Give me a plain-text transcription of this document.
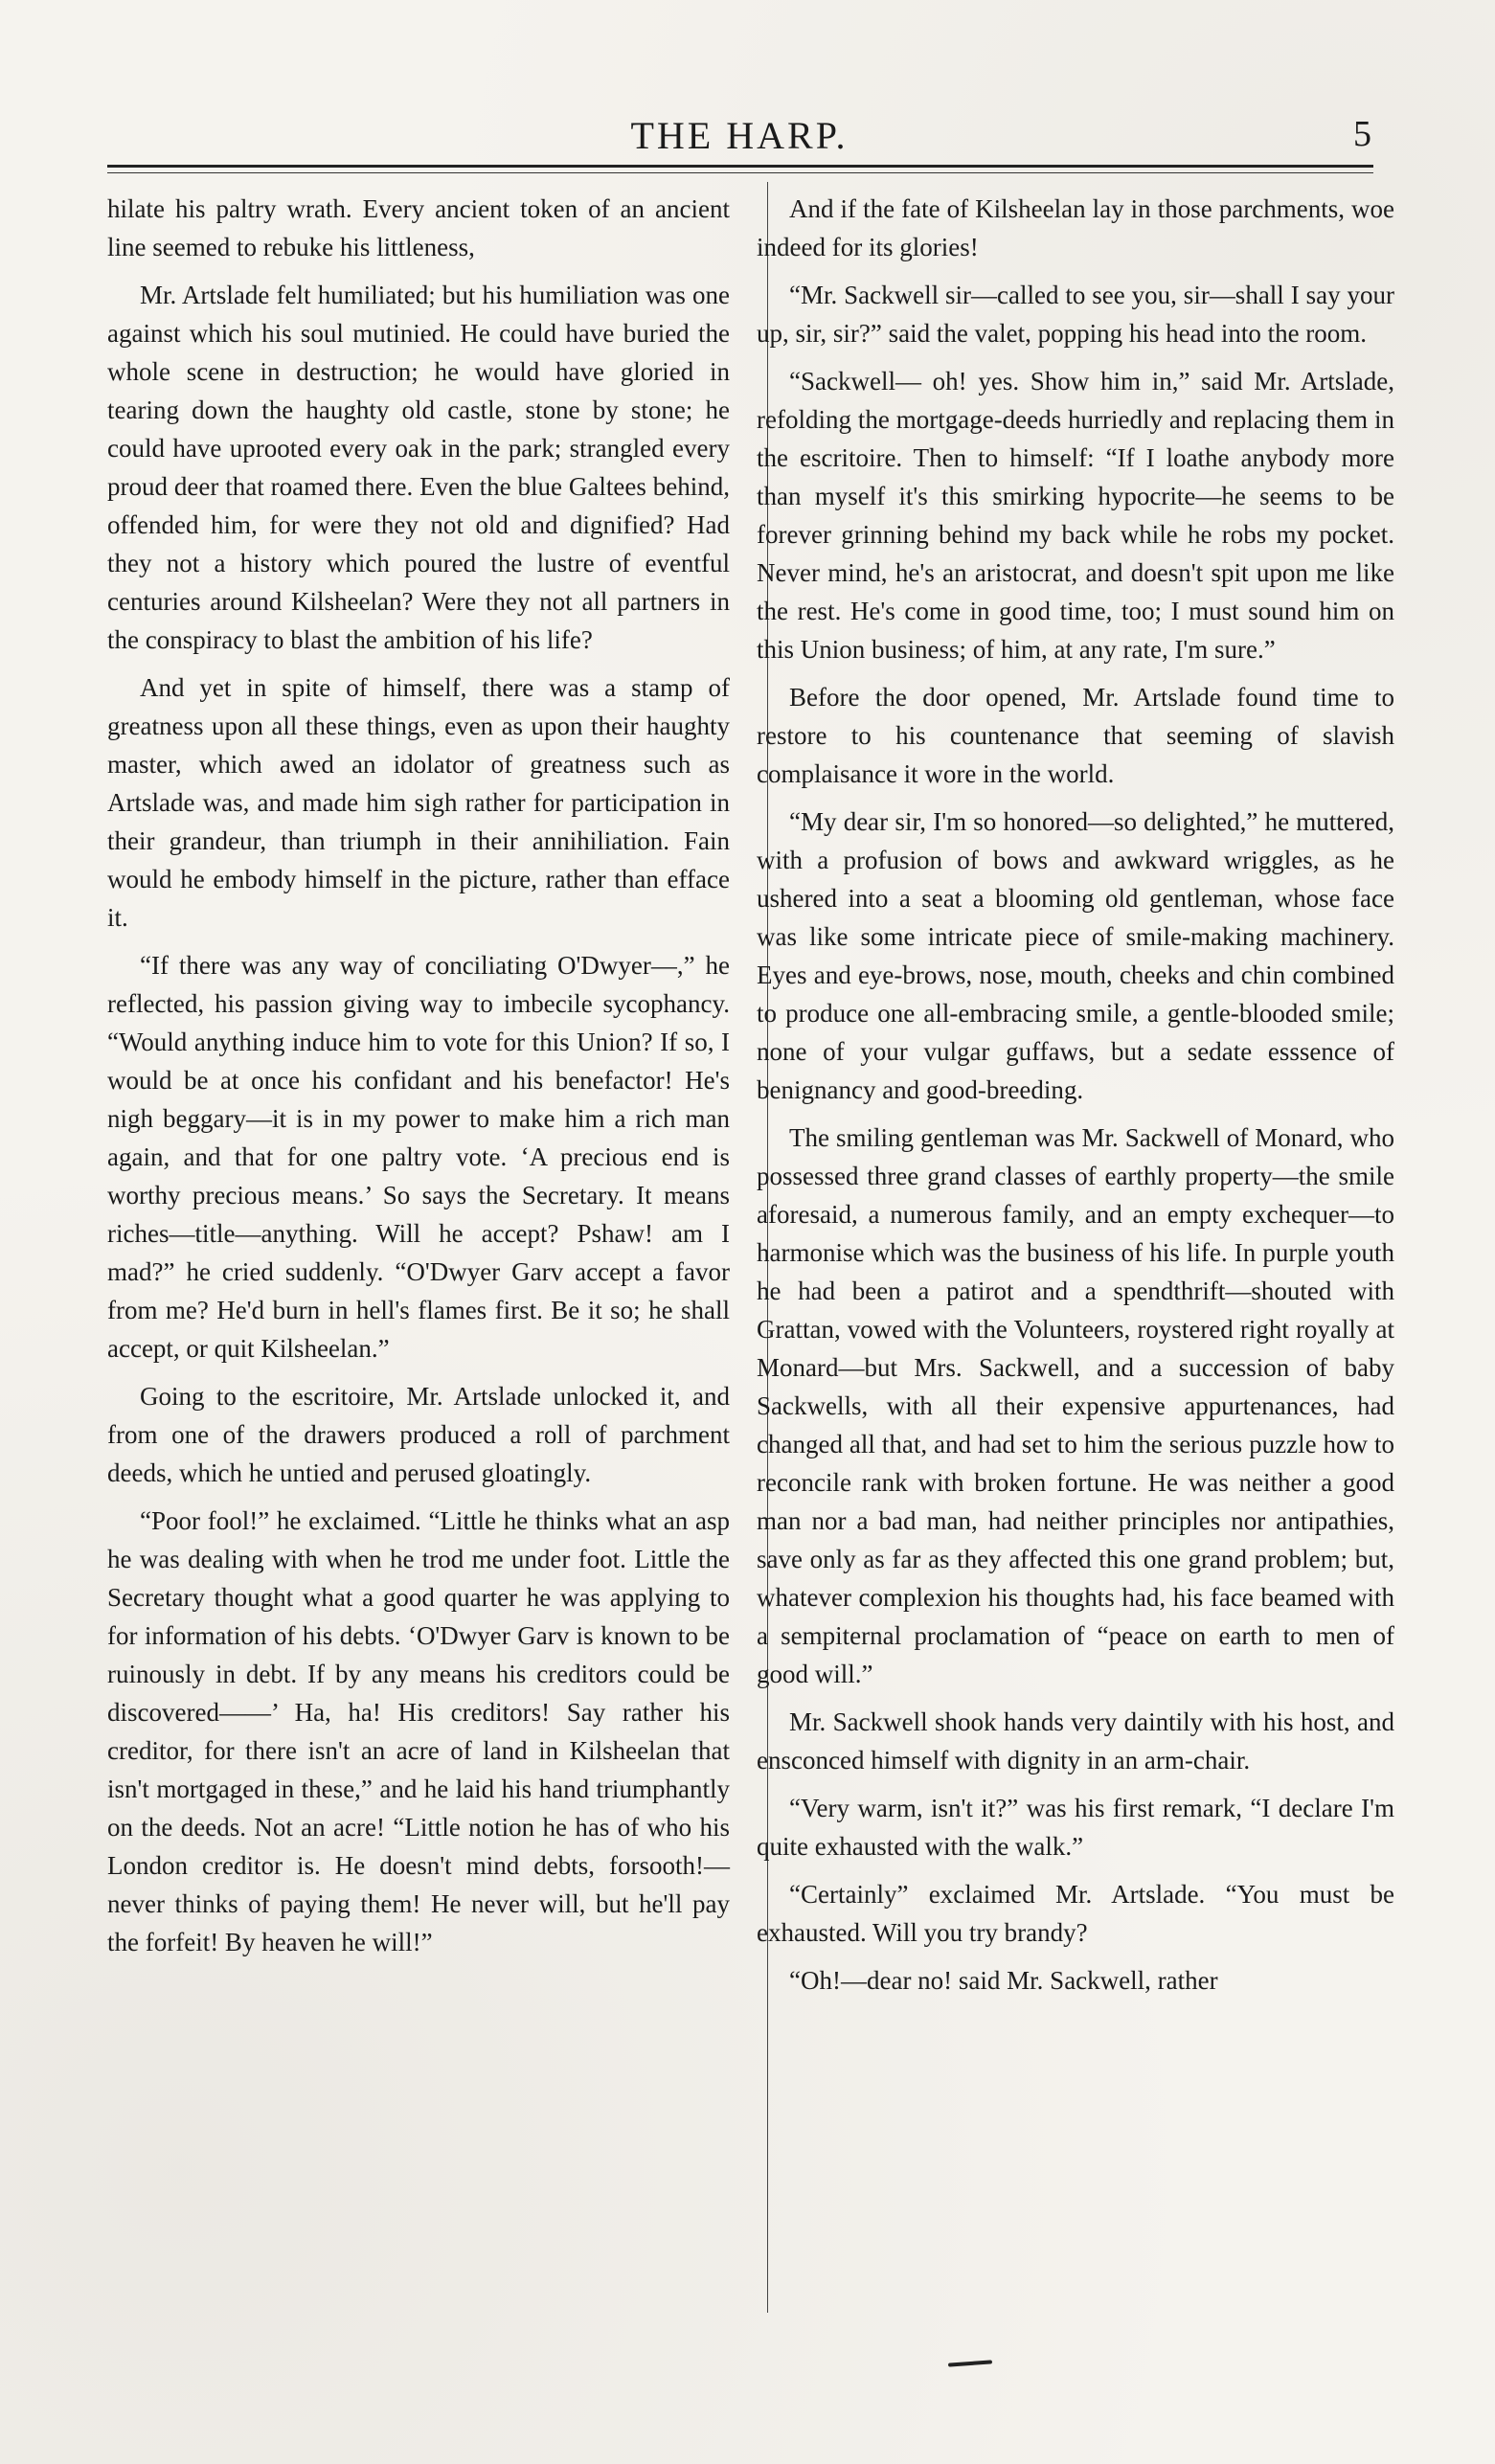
THE HARP.	5

hilate his paltry wrath. Every ancient token of an ancient line seemed to rebuke his littleness,

Mr. Artslade felt humiliated; but his humiliation was one against which his soul mutinied. He could have buried the whole scene in destruction; he would have gloried in tearing down the haughty old castle, stone by stone; he could have uprooted every oak in the park; strangled every proud deer that roamed there. Even the blue Galtees behind, offended him, for were they not old and dignified? Had they not a history which poured the lustre of eventful centuries around Kilsheelan? Were they not all partners in the conspiracy to blast the ambition of his life?

And yet in spite of himself, there was a stamp of greatness upon all these things, even as upon their haughty master, which awed an idolator of greatness such as Artslade was, and made him sigh rather for participation in their grandeur, than triumph in their annihiliation. Fain would he embody himself in the picture, rather than efface it.

“If there was any way of conciliating O'Dwyer—,” he reflected, his passion giving way to imbecile sycophancy. “Would anything induce him to vote for this Union? If so, I would be at once his confidant and his benefactor! He's nigh beggary—it is in my power to make him a rich man again, and that for one paltry vote. ‘A precious end is worthy precious means.’ So says the Secretary. It means riches—title—anything. Will he accept? Pshaw! am I mad?” he cried suddenly. “O'Dwyer Garv accept a favor from me? He'd burn in hell's flames first. Be it so; he shall accept, or quit Kilsheelan.”

Going to the escritoire, Mr. Artslade unlocked it, and from one of the drawers produced a roll of parchment deeds, which he untied and perused gloatingly.

“Poor fool!” he exclaimed. “Little he thinks what an asp he was dealing with when he trod me under foot. Little the Secretary thought what a good quarter he was applying to for information of his debts. ‘O'Dwyer Garv is known to be ruinously in debt. If by any means his creditors could be discovered——’ Ha, ha! His creditors! Say rather his creditor, for there isn't an acre of land in Kilsheelan that isn't mortgaged in these,” and he laid his hand triumphantly on the deeds. Not an acre! “Little notion he has of who his London creditor is. He doesn't mind debts, forsooth!—never thinks of paying them! He never will, but he'll pay the forfeit! By heaven he will!”

And if the fate of Kilsheelan lay in those parchments, woe indeed for its glories!

“Mr. Sackwell sir—called to see you, sir—shall I say your up, sir, sir?” said the valet, popping his head into the room.

“Sackwell— oh! yes. Show him in,” said Mr. Artslade, refolding the mortgage-deeds hurriedly and replacing them in the escritoire. Then to himself: “If I loathe anybody more than myself it's this smirking hypocrite—he seems to be forever grinning behind my back while he robs my pocket. Never mind, he's an aristocrat, and doesn't spit upon me like the rest. He's come in good time, too; I must sound him on this Union business; of him, at any rate, I'm sure.”

Before the door opened, Mr. Artslade found time to restore to his countenance that seeming of slavish complaisance it wore in the world.

“My dear sir, I'm so honored—so delighted,” he muttered, with a profusion of bows and awkward wriggles, as he ushered into a seat a blooming old gentleman, whose face was like some intricate piece of smile-making machinery. Eyes and eye-brows, nose, mouth, cheeks and chin combined to produce one all-embracing smile, a gentle-blooded smile; none of your vulgar guffaws, but a sedate esssence of benignancy and good-breeding.

The smiling gentleman was Mr. Sackwell of Monard, who possessed three grand classes of earthly property—the smile aforesaid, a numerous family, and an empty exchequer—to harmonise which was the business of his life. In purple youth he had been a patirot and a spendthrift—shouted with Grattan, vowed with the Volunteers, roystered right royally at Monard—but Mrs. Sackwell, and a succession of baby Sackwells, with all their expensive appurtenances, had changed all that, and had set to him the serious puzzle how to reconcile rank with broken fortune. He was neither a good man nor a bad man, had neither principles nor antipathies, save only as far as they affected this one grand problem; but, whatever complexion his thoughts had, his face beamed with a sempiternal proclamation of “peace on earth to men of good will.”

Mr. Sackwell shook hands very daintily with his host, and ensconced himself with dignity in an arm-chair.

“Very warm, isn't it?” was his first remark, “I declare I'm quite exhausted with the walk.”

“Certainly” exclaimed Mr. Artslade. “You must be exhausted. Will you try brandy?

“Oh!—dear no! said Mr. Sackwell, rather
